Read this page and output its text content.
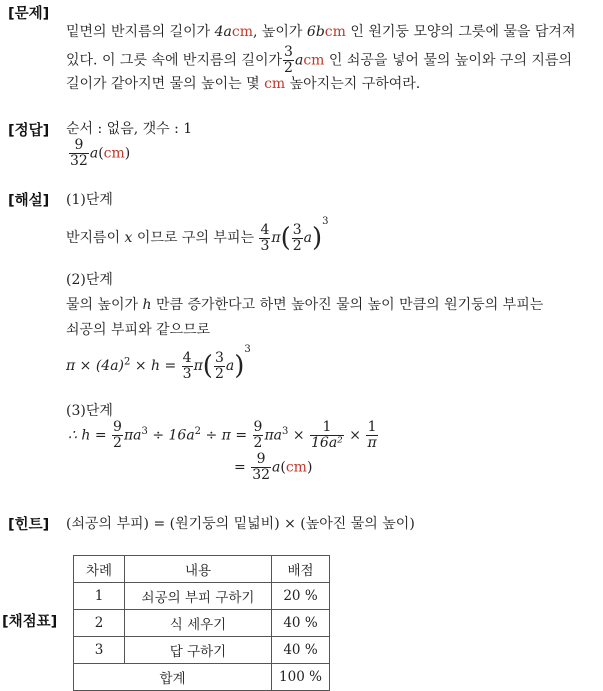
[문제]
[정답]
[해설]
[힌트]
[채점표]
밑면의 반지름의 길이가 4acm, 높이가 6bcm 인 원기둥 모양의 그릇에 물을 담겨져
있다. 이 그릇 속에 반지름의 길이가 $\frac{3}{2}$ acm 인 쇠공을 넣어 물의 높이와 구의 지름의
길이가 같아지면 물의 높이는 몇 cm 높아지는지 구하여라.
순서 : 없음, 갯수 : 1
$\frac{9}{32} a(cm)$
(1)단계
반지름이 x 이므로 구의 부피는 $\frac{4}{3} \pi( \frac{3}{2} a)^3$
(2)단계
물의 높이가 h 만큼 증가한다고 하면 높아진 물의 높이 만큼의 원기둥의 부피는
쇠공의 부피와 같으므로
$\pi \times (4a)^2 \times h = \frac{4}{3} \pi( \frac{3}{2} a)^3$
(3)단계
∴ $h = \frac{9}{2} \pi a^3 \div 16a^2 \div \pi = \frac{9}{2} \pi a^3 \times \frac{1}{\text{16a²}} \times \frac{1}{\pi}$
= $\frac{9}{32} a(cm)$
(쇠공의 부피) = (원기둥의 밑넓비) × (높아진 물의 높이)
차례	내용	배점
1	쇠공의 부피 구하기	20 %
2	식 세우기	40 %
3	답 구하기	40 %
합계		100 %
